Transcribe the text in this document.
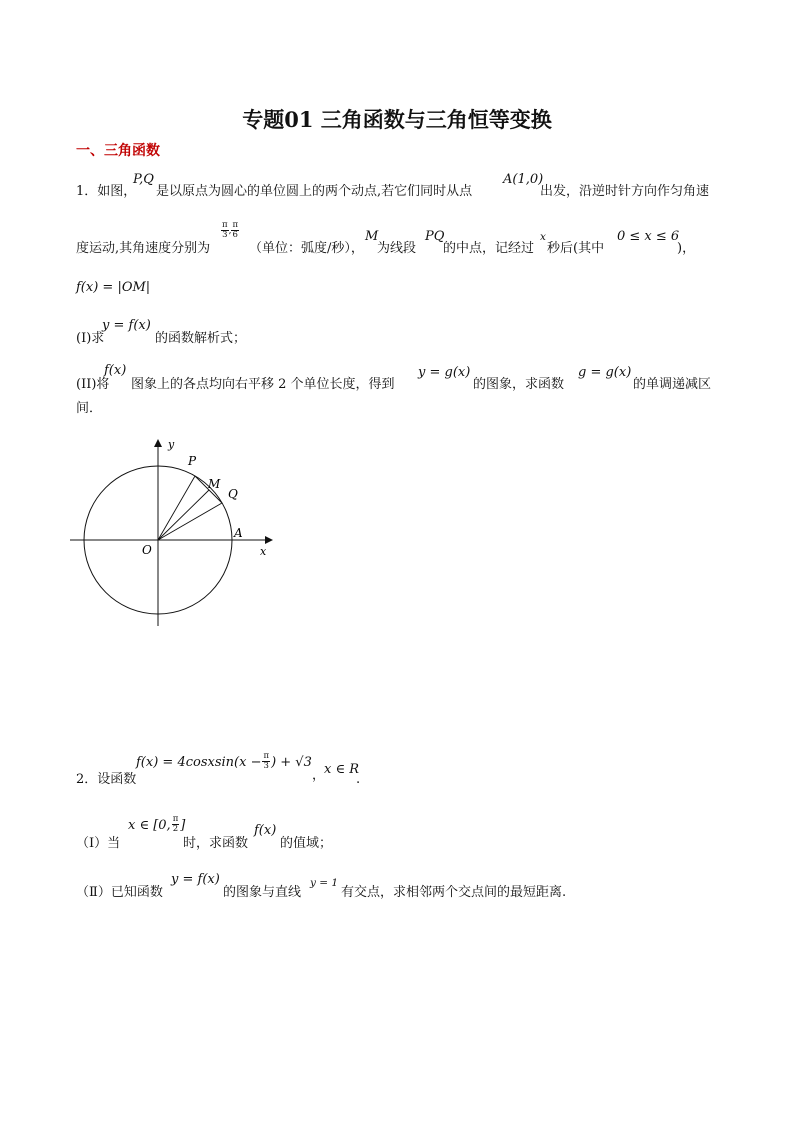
专题01 三角函数与三角恒等变换
一、三角函数
1．如图，
P,Q
是以原点为圆心的单位圆上的两个动点,若它们同时从点
A(1,0)
出发，沿逆时针方向作匀角速
度运动,其角速度分别为
$\frac{\pi}{3}$ , $\frac{\pi}{6}$
（单位：弧度/秒），
M
为线段
PQ
的中点，记经过
x
秒后(其中
0 ≤ x ≤ 6
)，
f(x) = |OM|
(I)求
y = f(x)
的函数解析式；
(II)将
f(x)
图象上的各点均向右平移 2 个单位长度，得到
y = g(x)
的图象，求函数
g = g(x)
的单调递减区
间．
y
P
M
Q
A
O	x
2．设函数
f(x) = 4cosxsin(x − $\frac{\pi}{3}$ ) + √3
，
x ∈ R
.
（Ⅰ）当
x ∈ [0, $\frac{\pi}{2}$ ]
时，求函数
f(x)
的值域；
（Ⅱ）已知函数
y = f(x)
的图象与直线
y = 1
有交点，求相邻两个交点间的最短距离.
